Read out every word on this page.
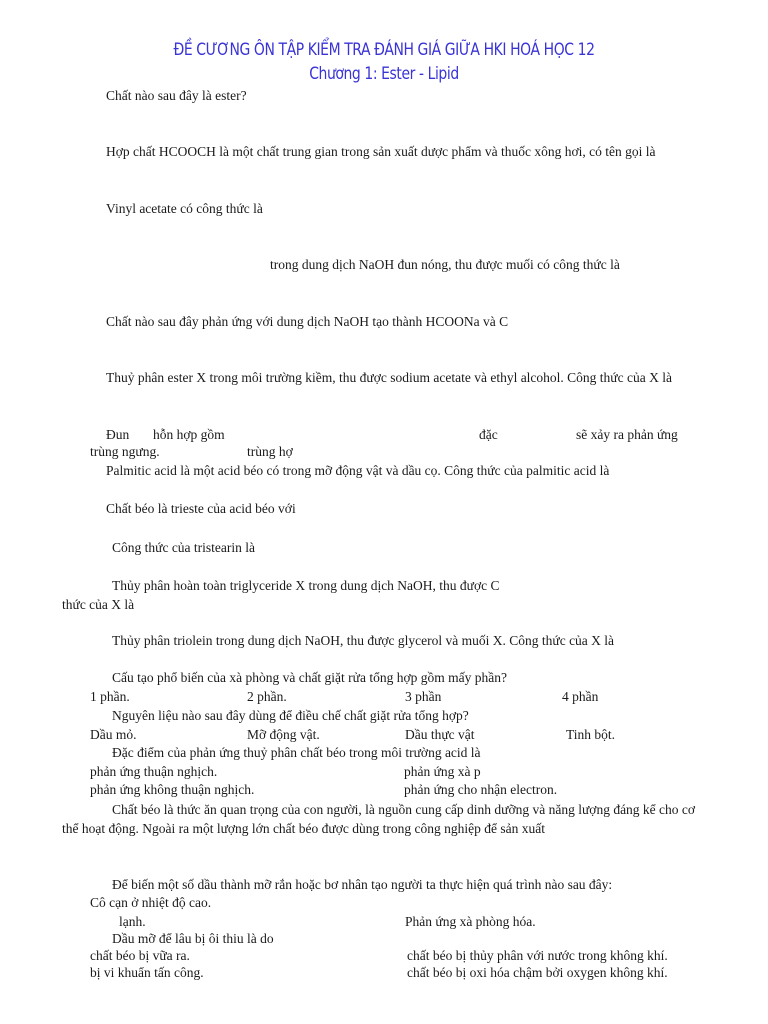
ĐỀ CƯƠNG ÔN TẬP KIỂM TRA ĐÁNH GIÁ GIỮA HKI HOÁ HỌC 12
Chương 1: Ester - Lipid
Chất nào sau đây là ester?
Hợp chất HCOOCH là một chất trung gian trong sản xuất dược phẩm và thuốc xông hơi, có tên gọi là
Vinyl acetate có công thức là
trong dung dịch NaOH đun nóng, thu được muối có công thức là
Chất nào sau đây phản ứng với dung dịch NaOH tạo thành HCOONa và C
Thuỷ phân ester X trong môi trường kiềm, thu được sodium acetate và ethyl alcohol. Công thức của X là
Đun hỗn hợp gồm	đặc	sẽ xảy ra phản ứng
trùng ngưng.	trùng hợ
Palmitic acid là một acid béo có trong mỡ động vật và dầu cọ. Công thức của palmitic acid là
Chất béo là trieste của acid béo với
Công thức của tristearin là
Thủy phân hoàn toàn triglyceride X trong dung dịch NaOH, thu được C
thức của X là
Thủy phân triolein trong dung dịch NaOH, thu được glycerol và muối X. Công thức của X là
Cấu tạo phổ biến của xà phòng và chất giặt rửa tổng hợp gồm mấy phần?
1 phần.	2 phần.	3 phần	4 phần
Nguyên liệu nào sau đây dùng để điều chế chất giặt rửa tổng hợp?
Dầu mỏ.	Mỡ động vật.	Dầu thực vật	Tinh bột.
Đặc điểm của phản ứng thuỷ phân chất béo trong môi trường acid là
phản ứng thuận nghịch.	phản ứng xà p
phản ứng không thuận nghịch.	phản ứng cho nhận electron.
Chất béo là thức ăn quan trọng của con người, là nguồn cung cấp dinh dưỡng và năng lượng đáng kể cho cơ
thể hoạt động. Ngoài ra một lượng lớn chất béo được dùng trong công nghiệp để sản xuất
Để biến một số dầu thành mỡ rắn hoặc bơ nhân tạo người ta thực hiện quá trình nào sau đây:
Cô cạn ở nhiệt độ cao.
lạnh.	Phản ứng xà phòng hóa.
Dầu mỡ để lâu bị ôi thiu là do
chất béo bị vữa ra.	chất béo bị thủy phân với nước trong không khí.
bị vi khuẩn tấn công.	chất béo bị oxi hóa chậm bởi oxygen không khí.
